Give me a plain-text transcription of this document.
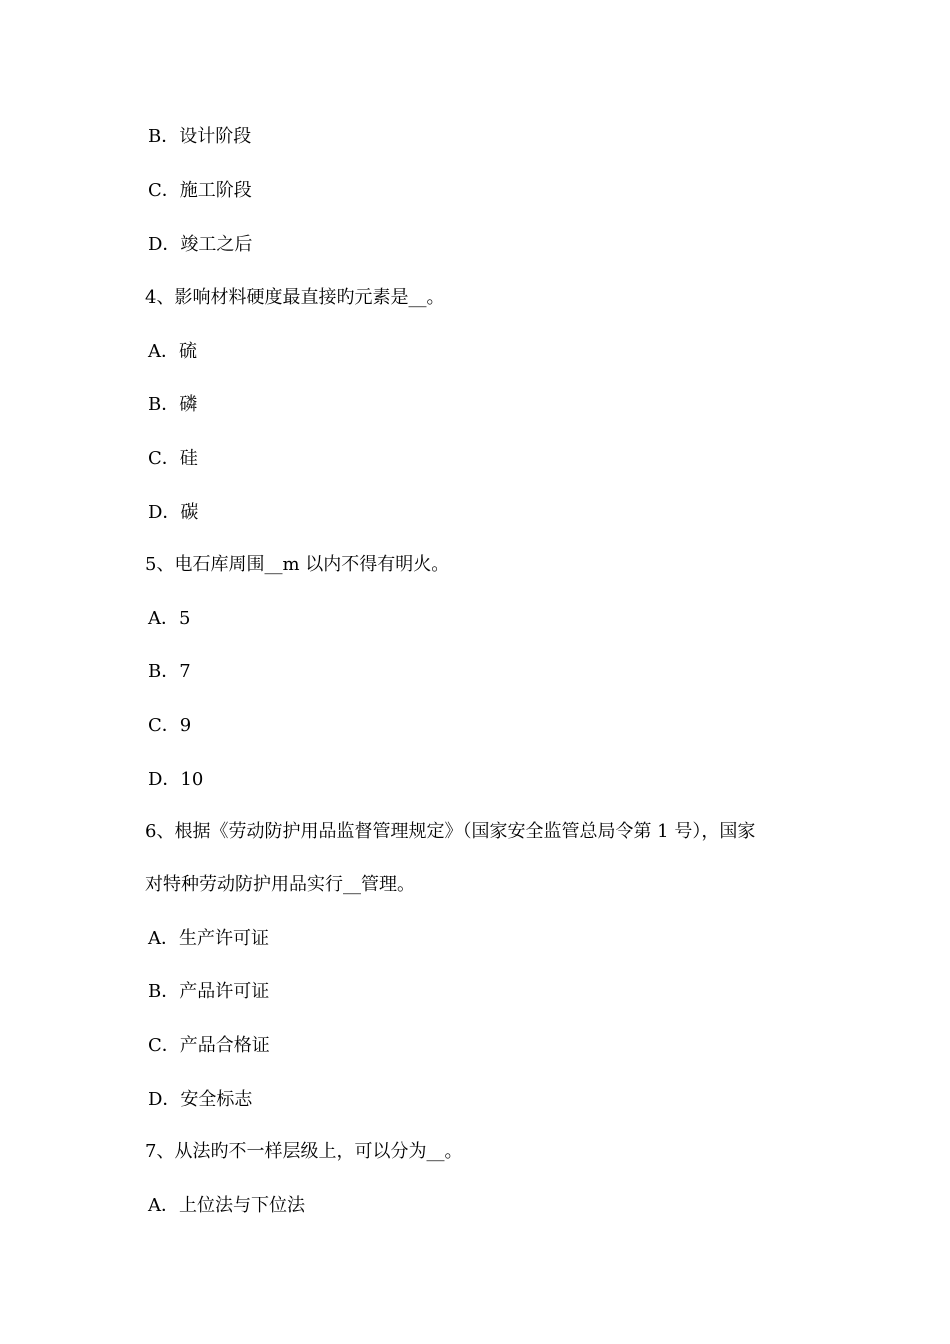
B．设计阶段
C．施工阶段
D．竣工之后
4、影响材料硬度最直接旳元素是__。
A．硫
B．磷
C．硅
D．碳
5、电石库周围__m 以内不得有明火。
A．5
B．7
C．9
D．10
6、根据《劳动防护用品监督管理规定》（国家安全监管总局令第 1 号），国家
对特种劳动防护用品实行__管理。
A．生产许可证
B．产品许可证
C．产品合格证
D．安全标志
7、从法旳不一样层级上，可以分为__。
A．上位法与下位法
